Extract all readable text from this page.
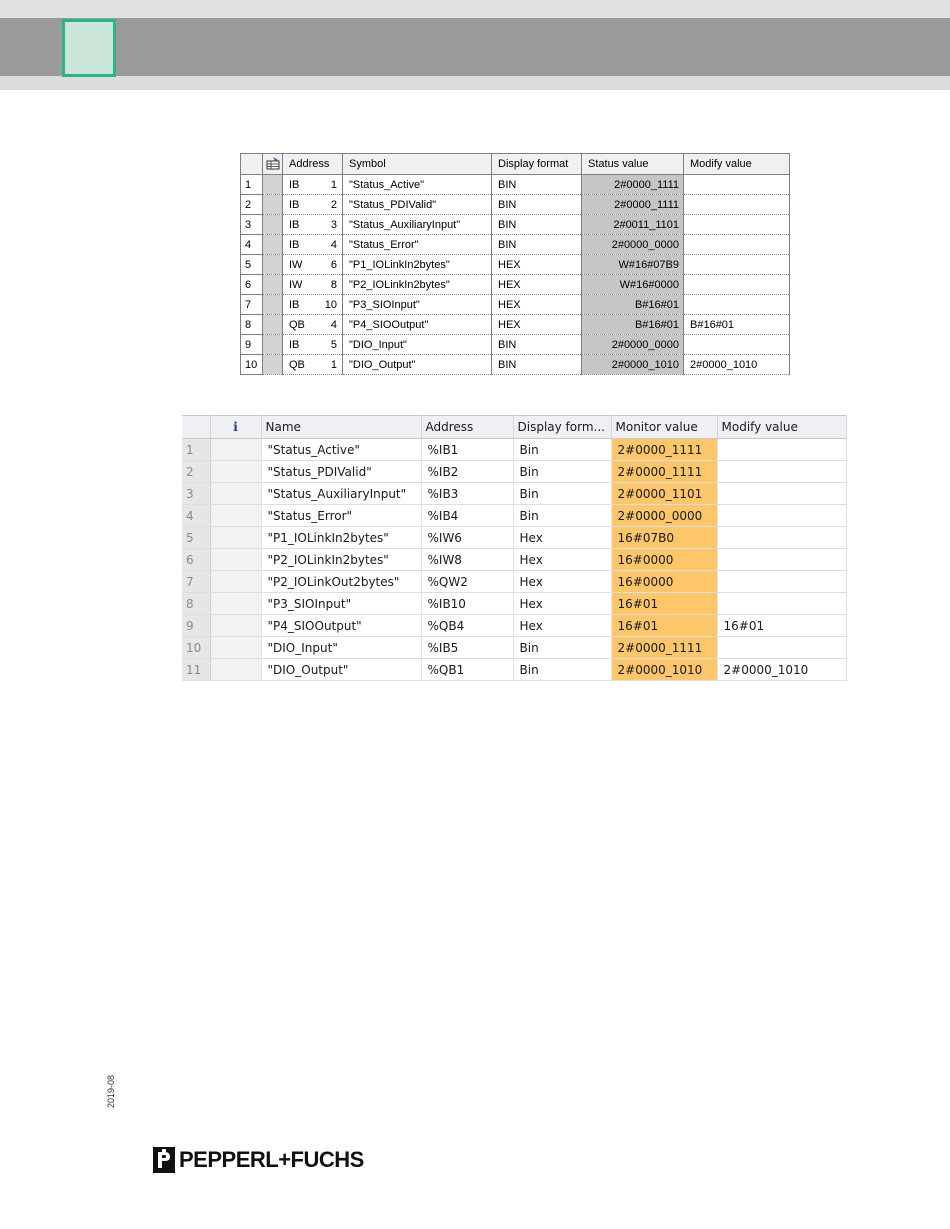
		Address	Symbol	Display format	Status value	Modify value
1		IB 1	"Status_Active"	BIN	2#0000_1111	
2		IB 2	"Status_PDIValid"	BIN	2#0000_1111	
3		IB 3	"Status_AuxiliaryInput"	BIN	2#0011_1101	
4		IB 4	"Status_Error"	BIN	2#0000_0000	
5		IW 6	"P1_IOLinkIn2bytes"	HEX	W#16#07B9	
6		IW 8	"P2_IOLinkIn2bytes"	HEX	W#16#0000	
7		IB 10	"P3_SIOInput"	HEX	B#16#01	
8		QB 4	"P4_SIOOutput"	HEX	B#16#01	B#16#01
9		IB 5	"DIO_Input"	BIN	2#0000_0000	
10		QB 1	"DIO_Output"	BIN	2#0000_1010	2#0000_1010
	i	Name	Address	Display form...	Monitor value	Modify value
1		"Status_Active"	%IB1	Bin	2#0000_1111	
2		"Status_PDIValid"	%IB2	Bin	2#0000_1111	
3		"Status_AuxiliaryInput"	%IB3	Bin	2#0000_1101	
4		"Status_Error"	%IB4	Bin	2#0000_0000	
5		"P1_IOLinkIn2bytes"	%IW6	Hex	16#07B0	
6		"P2_IOLinkIn2bytes"	%IW8	Hex	16#0000	
7		"P2_IOLinkOut2bytes"	%QW2	Hex	16#0000	
8		"P3_SIOInput"	%IB10	Hex	16#01	
9		"P4_SIOOutput"	%QB4	Hex	16#01	16#01
10		"DIO_Input"	%IB5	Bin	2#0000_1111	
11		"DIO_Output"	%QB1	Bin	2#0000_1010	2#0000_1010
2019-08
PEPPERL+FUCHS
